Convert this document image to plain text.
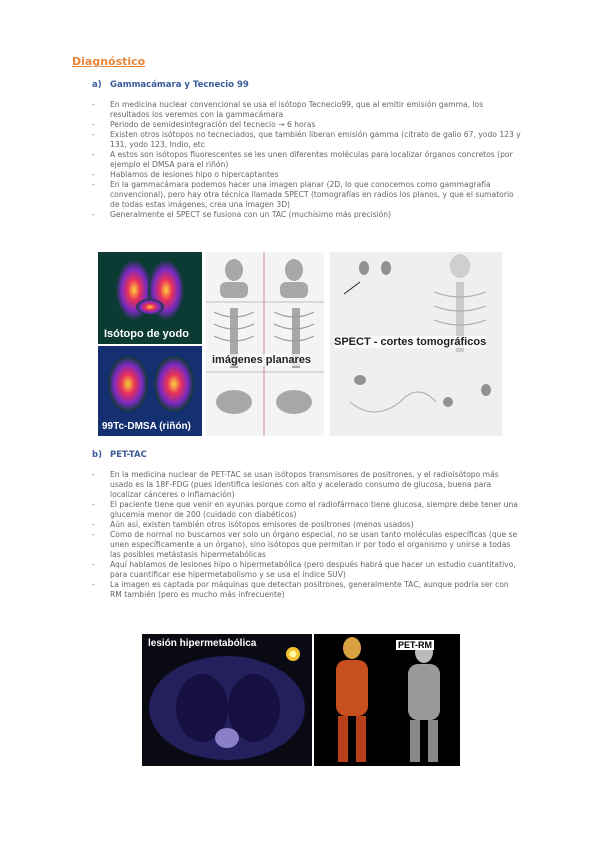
Diagnóstico
a) Gammacámara y Tecnecio 99
- En medicina nuclear convencional se usa el isótopo Tecnecio99, que al emitir emisión gamma, los resultados los veremos con la gammacámara
- Periodo de semidesintegración del tecnecio → 6 horas
- Existen otros isótopos no tecneciados, que también liberan emisión gamma (citrato de galio 67, yodo 123 y 131, yodo 123, Indio, etc
- A estos son isótopos fluorescentes se les unen diferentes moléculas para localizar órganos concretos (por ejemplo el DMSA para el riñón)
- Hablamos de lesiones hipo o hipercaptantes
- En la gammacámara podemos hacer una imagen planar (2D, lo que conocemos como gammagrafía convencional), pero hay otra técnica llamada SPECT (tomografías en radios los planos, y que el sumatorio de todas estas imágenes, crea una imagen 3D)
- Generalmente el SPECT se fusiona con un TAC (muchísimo más precisión)
Isótopo de yodo
99Tc-DMSA (riñón)
imágenes planares
SPECT - cortes tomográficos
b) PET-TAC
- En la medicina nuclear de PET-TAC se usan isótopos transmisores de positrones, y el radioisótopo más usado es la 18F-FDG (pues identifica lesiones con alto y acelerado consumo de glucosa, buena para localizar cánceres o inflamación)
- El paciente tiene que venir en ayunas porque como el radiofármaco tiene glucosa, siempre debe tener una glucemia menor de 200 (cuidado con diabéticos)
- Aún así, existen también otros isótopos emisores de positrones (menos usados)
- Como de normal no buscamos ver solo un órgano especial, no se usan tanto moléculas específicas (que se unen específicamente a un órgano), sino isótopos que permitan ir por todo el organismo y unirse a todas las posibles metástasis hipermetabólicas
- Aquí hablamos de lesiones hipo o hipermetabólica (pero después habrá que hacer un estudio cuantitativo, para cuantificar ese hipermetabolismo y se usa el índice SUV)
- La imagen es captada por máquinas que detectan positrones, generalmente TAC, aunque podría ser con RM también (pero es mucho más infrecuente)
lesión hipermetabólica	PET-RM
